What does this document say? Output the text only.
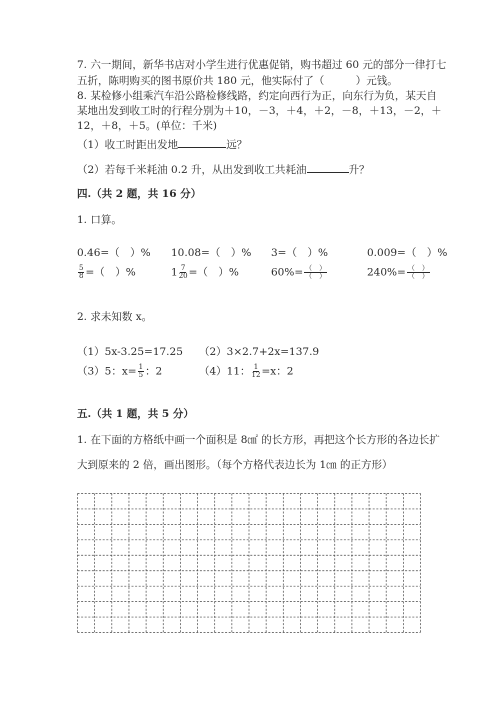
7. 六一期间，新华书店对小学生进行优惠促销，购书超过 60 元的部分一律打七
五折，陈明购买的图书原价共 180 元，他实际付了（　　　）元钱。
8. 某检修小组乘汽车沿公路检修线路，约定向西行为正，向东行为负，某天自
某地出发到收工时的行程分别为＋10，－3，＋4，＋2，－8，＋13，－2，＋
12，＋8，＋5。(单位：千米)
（1）收工时距出发地	远？
（2）若每千米耗油 0.2 升，从出发到收工共耗油	升？
四.（共 2 题，共 16 分）
1. 口算。
0.46=（　）% 10.08=（　）% 3=（　）%	0.009=（　）%
$\frac{5}{8}$ =（　）%	$1 \frac{7}{20}$ =（　）%	$60\%= \frac{( )}{( )}$	$240\%= \frac{( )}{( )}$
2. 求未知数 x。
（1）5x-3.25=17.25 （2）3×2.7+2x=137.9
（3）5：$x= \frac{1}{5}$ ：2	（4）11： $\frac{1}{12} =x$：2
五.（共 1 题，共 5 分）
1. 在下面的方格纸中画一个面积是 8㎠ 的长方形，再把这个长方形的各边长扩
大到原来的 2 倍，画出图形。（每个方格代表边长为 1㎝ 的正方形）
